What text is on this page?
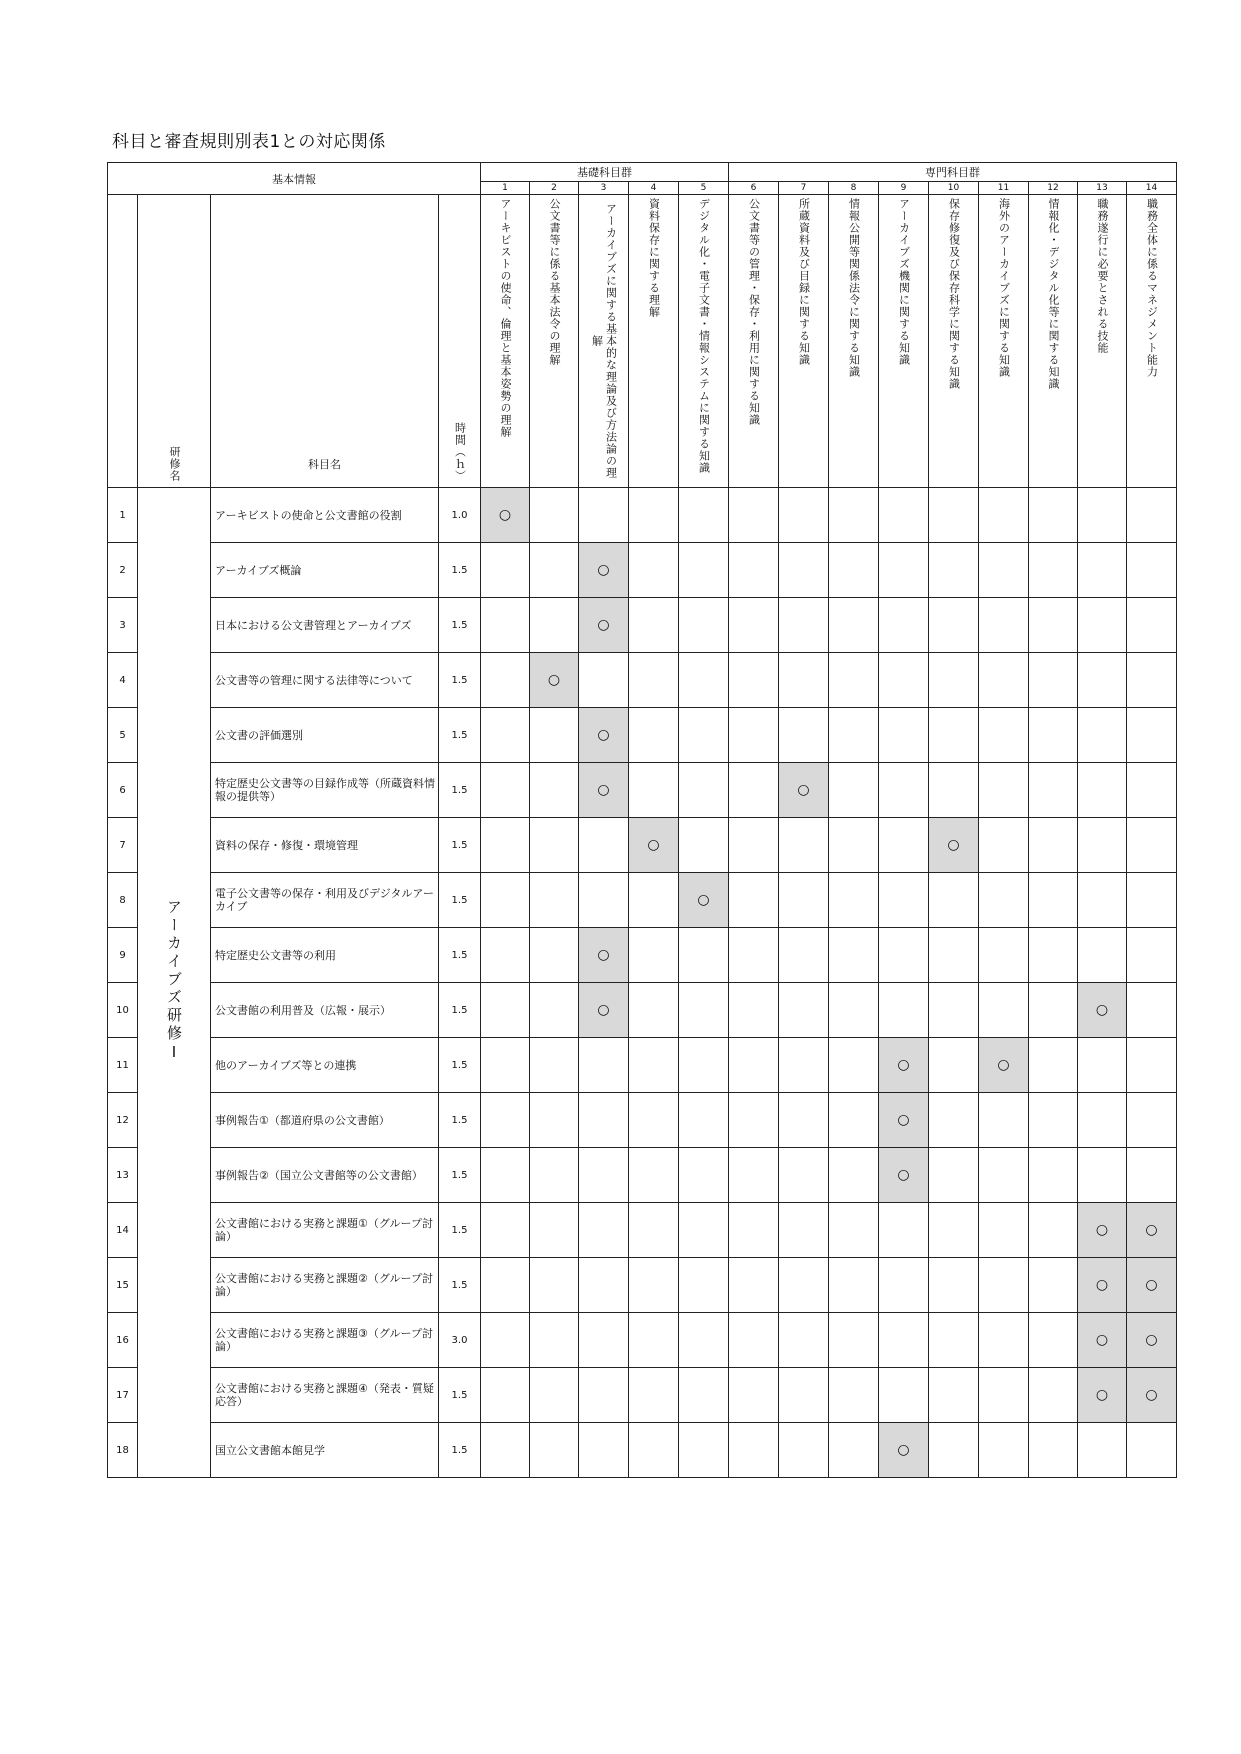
科目と審査規則別表1との対応関係
基本情報				基礎科目群					専門科目群								
				1	2	3	4	5	6	7	8	9	10	11	12	13	14

	研修名	科目名	時間（ｈ）	アーキビストの使命、倫理と基本姿勢の理解	公文書等に係る基本法令の理解	アーカイブズに関する基本的な理論及び方法論の理解	資料保存に関する理解	デジタル化・電子文書・情報システムに関する知識	公文書等の管理・保存・利用に関する知識	所蔵資料及び目録に関する知識	情報公開等関係法令に関する知識	アーカイブズ機関に関する知識	保存修復及び保存科学に関する知識	海外のアーカイブズに関する知識	情報化・デジタル化等に関する知識	職務遂行に必要とされる技能	職務全体に係るマネジメント能力
1	アーカイブズ研修Ⅰ	アーキビストの使命と公文書館の役割	1.0	○													
2		アーカイブズ概論	1.5			○											
3		日本における公文書管理とアーカイブズ	1.5			○											
4		公文書等の管理に関する法律等について	1.5		○												
5		公文書の評価選別	1.5			○											
6		特定歴史公文書等の目録作成等（所蔵資料情報の提供等）	1.5			○				○							
7		資料の保存・修復・環境管理	1.5				○						○				
8		電子公文書等の保存・利用及びデジタルアーカイブ	1.5					○									
9		特定歴史公文書等の利用	1.5			○											
10		公文書館の利用普及（広報・展示）	1.5			○										○	
11		他のアーカイブズ等との連携	1.5									○		○			
12		事例報告①（都道府県の公文書館）	1.5									○					
13		事例報告②（国立公文書館等の公文書館）	1.5									○					
14		公文書館における実務と課題①（グループ討論）	1.5													○	○
15		公文書館における実務と課題②（グループ討論）	1.5													○	○
16		公文書館における実務と課題③（グループ討論）	3.0													○	○
17		公文書館における実務と課題④（発表・質疑応答）	1.5													○	○
18		国立公文書館本館見学	1.5									○					
